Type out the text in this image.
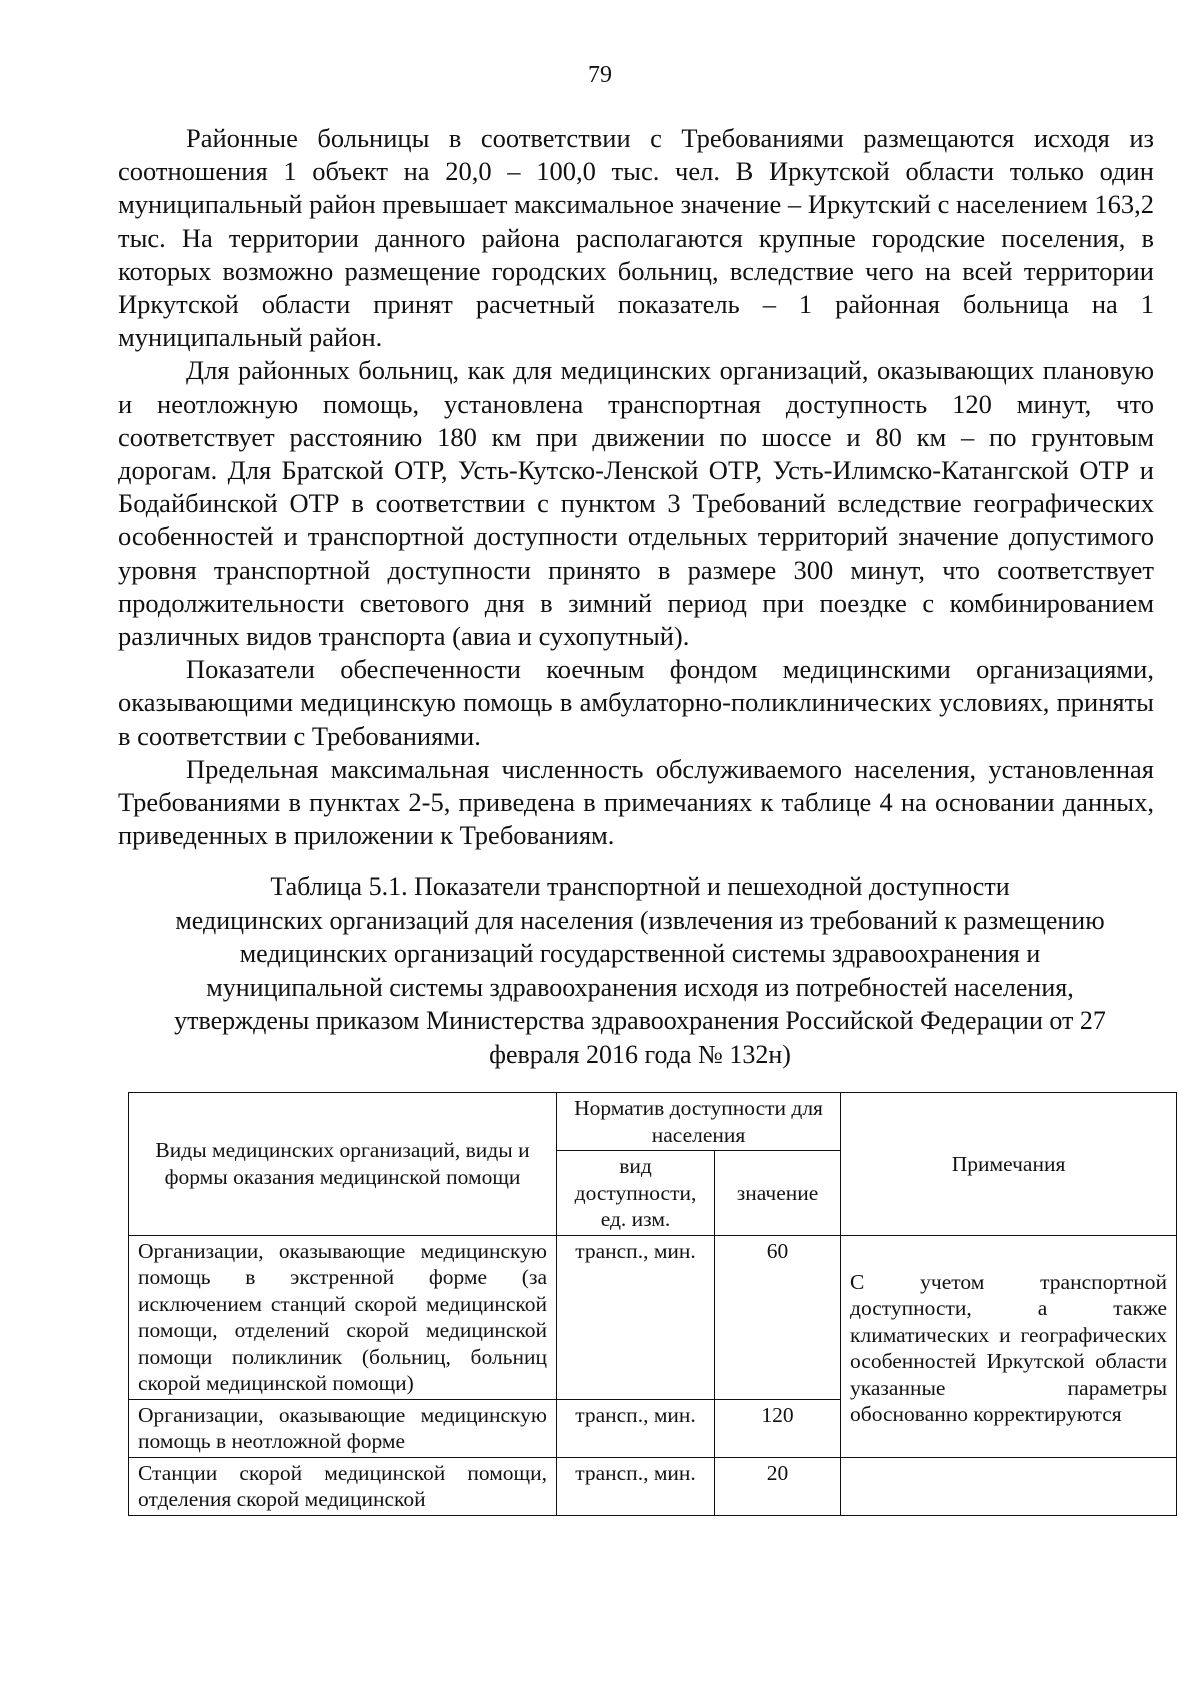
79

Районные больницы в соответствии с Требованиями размещаются исходя из соотношения 1 объект на 20,0 – 100,0 тыс. чел. В Иркутской области только один муниципальный район превышает максимальное значение – Иркутский с населением 163,2 тыс. На территории данного района располагаются крупные городские поселения, в которых возможно размещение городских больниц, вследствие чего на всей территории Иркутской области принят расчетный показатель – 1 районная больница на 1 муниципальный район.

Для районных больниц, как для медицинских организаций, оказывающих плановую и неотложную помощь, установлена транспортная доступность 120 минут, что соответствует расстоянию 180 км при движении по шоссе и 80 км – по грунтовым дорогам. Для Братской ОТР, Усть-Кутско-Ленской ОТР, Усть-Илимско-Катангской ОТР и Бодайбинской ОТР в соответствии с пунктом 3 Требований вследствие географических особенностей и транспортной доступности отдельных территорий значение допустимого уровня транспортной доступности принято в размере 300 минут, что соответствует продолжительности светового дня в зимний период при поездке с комбинированием различных видов транспорта (авиа и сухопутный).

Показатели обеспеченности коечным фондом медицинскими организациями, оказывающими медицинскую помощь в амбулаторно-поликлинических условиях, приняты в соответствии с Требованиями.

Предельная максимальная численность обслуживаемого населения, установленная Требованиями в пунктах 2-5, приведена в примечаниях к таблице 4 на основании данных, приведенных в приложении к Требованиям.

Таблица 5.1. Показатели транспортной и пешеходной доступности
медицинских организаций для населения (извлечения из требований к размещению
медицинских организаций государственной системы здравоохранения и
муниципальной системы здравоохранения исходя из потребностей населения,
утверждены приказом Министерства здравоохранения Российской Федерации от 27
февраля 2016 года № 132н)
Виды медицинских организаций, виды и формы оказания медицинской помощи	Норматив доступности для населения		Примечания
	вид доступности, ед. изм.	значение	
Организации, оказывающие медицинскую помощь в экстренной форме (за исключением станций скорой медицинской помощи, отделений скорой медицинской помощи поликлиник (больниц, больниц скорой медицинской помощи)	трансп., мин.	60	С учетом транспортной доступности, а также климатических и географических особенностей Иркутской области указанные параметры обоснованно корректируются

Организации, оказывающие медицинскую помощь в неотложной форме	трансп., мин.	120	
Станции скорой медицинской помощи, отделения скорой медицинской	трансп., мин.	20	
